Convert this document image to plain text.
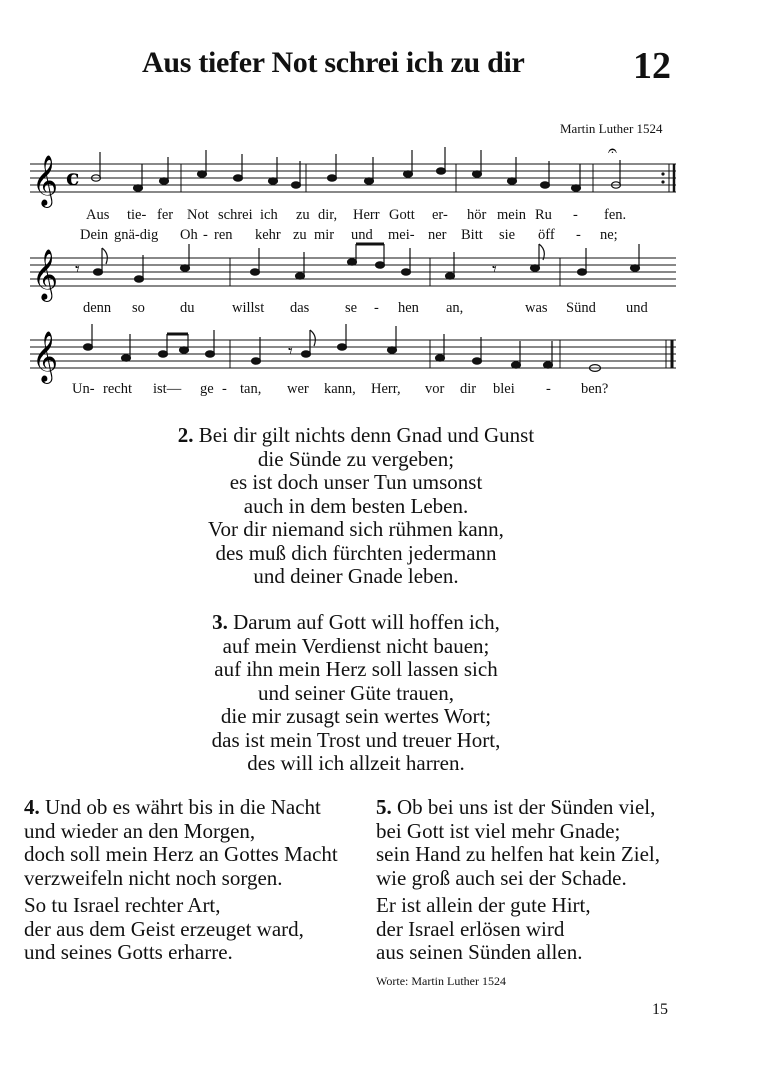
Aus tiefer Not schrei ich zu dir	12
Martin Luther 1524
𝄞 c
𝄐
Aus tie- fer Not schrei ich zu dir, Herr Gott er- hör mein Ru - fen.
Dein gnä-dig Oh - ren kehr zu mir und mei- ner Bitt sie öff - ne;
𝄞 𝄾	𝄾
denn so du	willst das se - hen an,	was Sünd und
𝄞	𝄾
Un- recht ist— ge - tan, wer kann, Herr, vor dir blei - ben?
2. Bei dir gilt nichts denn Gnad und Gunst
die Sünde zu vergeben;
es ist doch unser Tun umsonst
auch in dem besten Leben.
Vor dir niemand sich rühmen kann,
des muß dich fürchten jedermann
und deiner Gnade leben.
3. Darum auf Gott will hoffen ich,
auf mein Verdienst nicht bauen;
auf ihn mein Herz soll lassen sich
und seiner Güte trauen,
die mir zusagt sein wertes Wort;
das ist mein Trost und treuer Hort,
des will ich allzeit harren.
4. Und ob es währt bis in die Nacht
und wieder an den Morgen,
doch soll mein Herz an Gottes Macht
verzweifeln nicht noch sorgen.
So tu Israel rechter Art,
der aus dem Geist erzeuget ward,
und seines Gotts erharre.
5. Ob bei uns ist der Sünden viel,
bei Gott ist viel mehr Gnade;
sein Hand zu helfen hat kein Ziel,
wie groß auch sei der Schade.
Er ist allein der gute Hirt,
der Israel erlösen wird
aus seinen Sünden allen.
Worte: Martin Luther 1524
15
